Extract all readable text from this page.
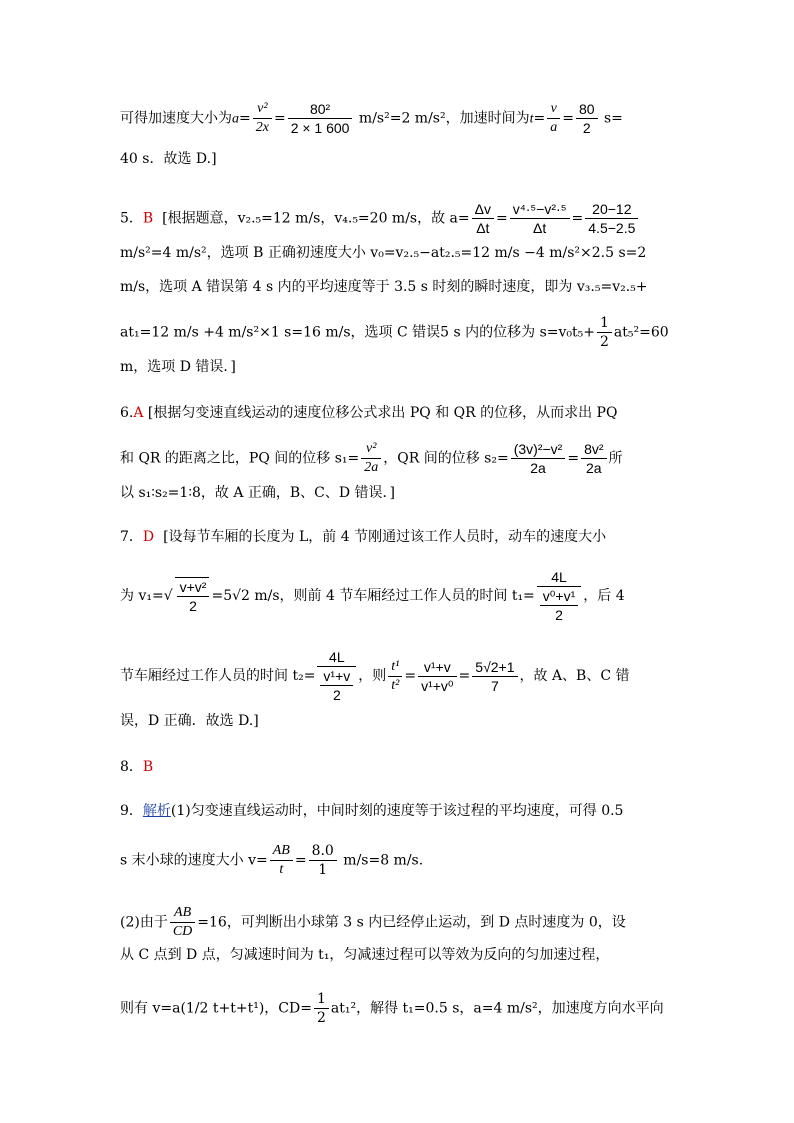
可得加速度大小为$a= \frac{\text{v²}}{2x} = \frac{\text{80²}}{2 \times 1 600} m/s^2=2$ m/s²，加速时间为$t= \frac{v}{a} = \frac{80}{2} s=$
40 s．故选 D.]
5．B [根据题意，v₂.₅=12 m/s，v₄.₅=20 m/s，故 $a= \frac{\Delta v}{\Delta t} = \frac{\text{v⁴·⁵−v²·⁵}}{\Delta t} = \frac{20-12}{4.5-2.5}$
m/s²=4 m/s²，选项 B 正确初速度大小 v₀=v₂.₅−at₂.₅=12 m/s −4 m/s²×2.5 s=2
m/s，选项 A 错误第 4 s 内的平均速度等于 3.5 s 时刻的瞬时速度，即为 v₃.₅=v₂.₅+
at₁=12 m/s +4 m/s²×1 s=16 m/s，选项 C 错误5 s 内的位移为 $s=v_0t_5+ \frac{1}{2} at_5^2=60$
m，选项 D 错误．]
6.A [根据匀变速直线运动的速度位移公式求出 PQ 和 QR 的位移，从而求出 PQ
和 QR 的距离之比，PQ 间的位移 $s_1= \frac{\text{v²}}{2a}$ ，QR 间的位移 $s_2= \frac{\text{(3v)²−v²}}{2a} = \frac{\text{8v²}}{2a}$ 所
以 s₁∶s₂=1∶8，故 A 正确，B、C、D 错误．]
7．D [设每节车厢的长度为 L，前 4 节刚通过该工作人员时，动车的速度大小
为 $v_1=√ \frac{\text{v+v²}}{2} =5√2$ m/s，则前 4 节车厢经过工作人员的时间 $t_1= \frac{4L}{\frac{\text{v⁰+v¹}}{2}}$ ，后 4
节车厢经过工作人员的时间 $t_2= \frac{4L}{\frac{\text{v¹+v}}{2}}$ ，则 $\frac{\text{t¹}}{\text{t²}} = \frac{\text{v¹+v}}{\text{v¹+v⁰}} = \frac{5√2+1}{7}$ ，故 A、B、C 错
误，D 正确．故选 D.]
8．B
9．解析(1)匀变速直线运动时，中间时刻的速度等于该过程的平均速度，可得 0.5
s 末小球的速度大小 $v= \frac{AB}{t} = \frac{8.0}{1} m/s=8$ m/s.
(2)由于 $\frac{AB}{CD} =16$，可判断出小球第 3 s 内已经停止运动，到 D 点时速度为 0，设
从 C 点到 D 点，匀减速时间为 t₁，匀减速过程可以等效为反向的匀加速过程，
则有 v=a(1/2 t+t+t¹)，$CD= \frac{1}{2} at_1^2$，解得 t₁=0.5 s，a=4 m/s²，加速度方向水平向
